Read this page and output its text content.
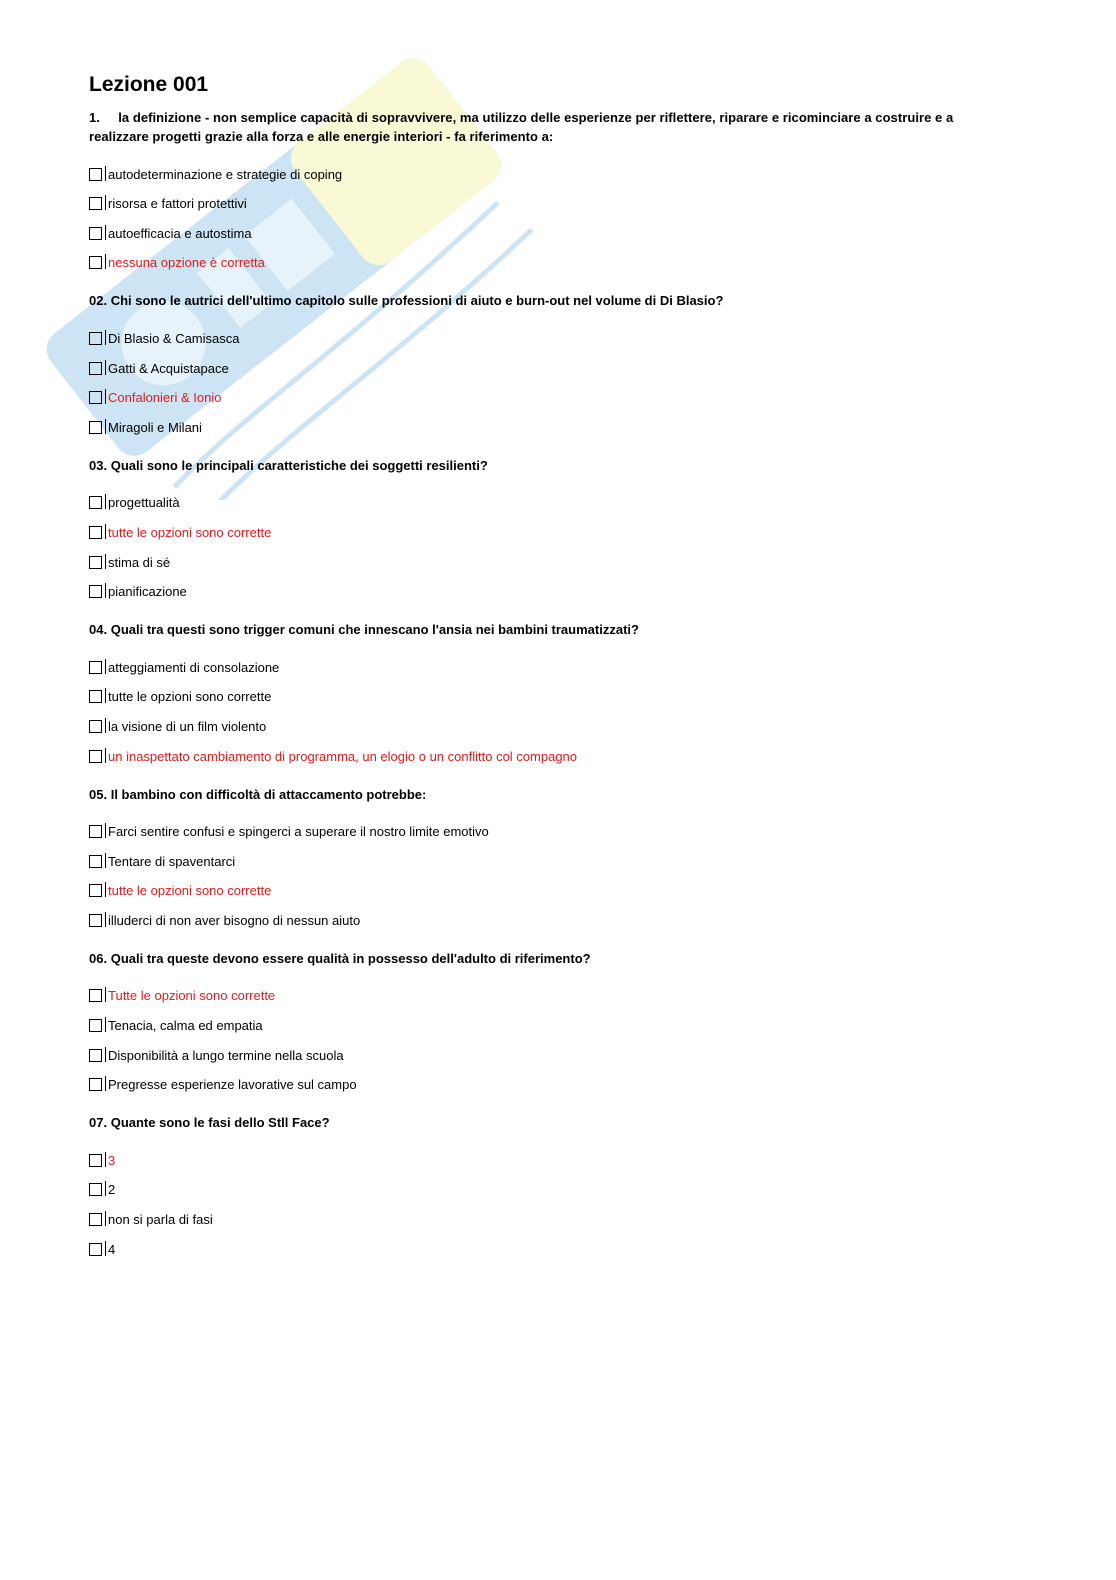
Lezione 001
1. la definizione - non semplice capacità di sopravvivere, ma utilizzo delle esperienze per riflettere, riparare e ricominciare a costruire e a realizzare progetti grazie alla forza e alle energie interiori - fa riferimento a:
autodeterminazione e strategie di coping
risorsa e fattori protettivi
autoefficacia e autostima
nessuna opzione è corretta
02. Chi sono le autrici dell'ultimo capitolo sulle professioni di aiuto e burn-out nel volume di Di Blasio?
Di Blasio & Camisasca
Gatti & Acquistapace
Confalonieri & Ionio
Miragoli e Milani
03. Quali sono le principali caratteristiche dei soggetti resilienti?
progettualità
tutte le opzioni sono corrette
stima di sé
pianificazione
04. Quali tra questi sono trigger comuni che innescano l'ansia nei bambini traumatizzati?
atteggiamenti di consolazione
tutte le opzioni sono corrette
la visione di un film violento
un inaspettato cambiamento di programma, un elogio o un conflitto col compagno
05. Il bambino con difficoltà di attaccamento potrebbe:
Farci sentire confusi e spingerci a superare il nostro limite emotivo
Tentare di spaventarci
tutte le opzioni sono corrette
illuderci di non aver bisogno di nessun aiuto
06. Quali tra queste devono essere qualità in possesso dell'adulto di riferimento?
Tutte le opzioni sono corrette
Tenacia, calma ed empatia
Disponibilità a lungo termine nella scuola
Pregresse esperienze lavorative sul campo
07. Quante sono le fasi dello Stll Face?
3
2
non si parla di fasi
4
